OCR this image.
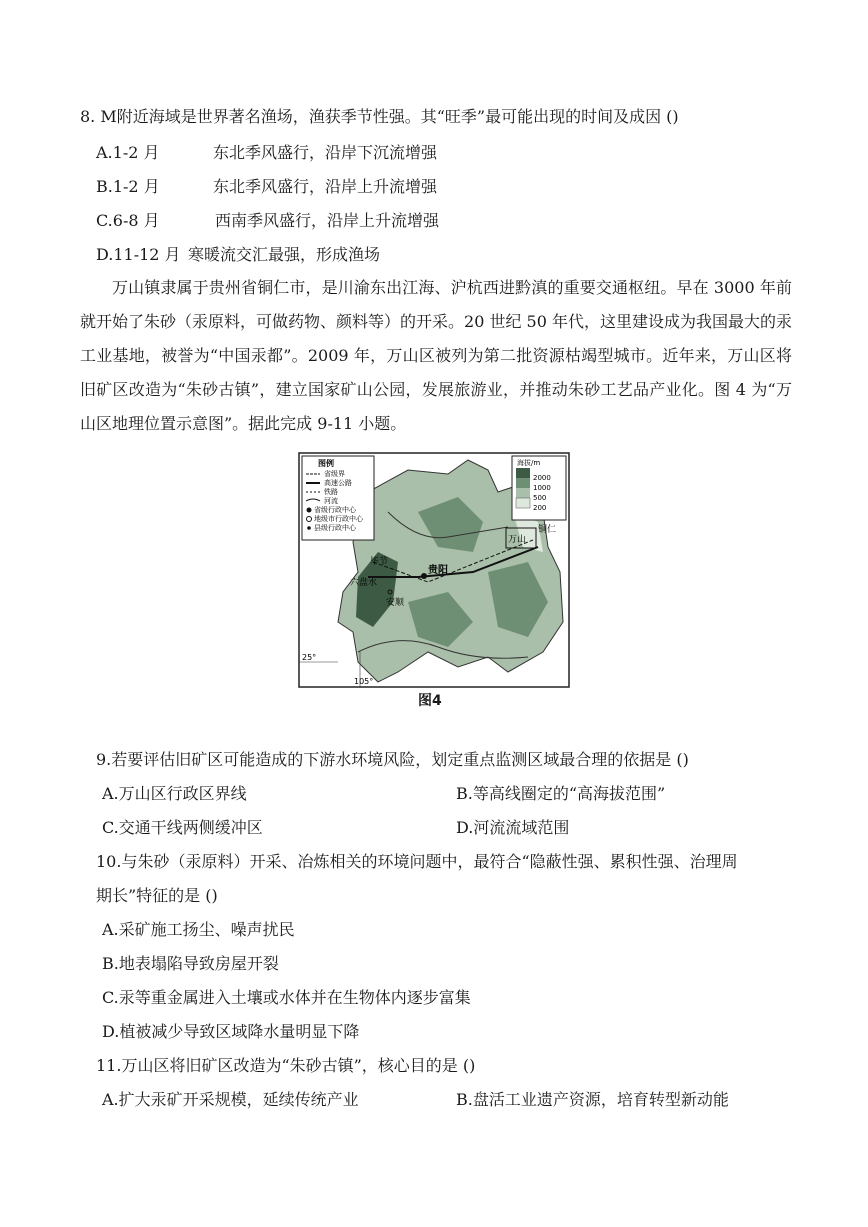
8. M附近海域是世界著名渔场，渔获季节性强。其“旺季”最可能出现的时间及成因 ()
A.1-2 月	东北季风盛行，沿岸下沉流增强
B.1-2 月	东北季风盛行，沿岸上升流增强
C.6-8 月	西南季风盛行，沿岸上升流增强
D.11-12 月 寒暖流交汇最强，形成渔场
万山镇隶属于贵州省铜仁市，是川渝东出江海、沪杭西进黔滇的重要交通枢纽。早在 3000 年前就开始了朱砂（汞原料，可做药物、颜料等）的开采。20 世纪 50 年代，这里建设成为我国最大的汞工业基地，被誉为“中国汞都”。2009 年，万山区被列为第二批资源枯竭型城市。近年来，万山区将旧矿区改造为“朱砂古镇”，建立国家矿山公园，发展旅游业，并推动朱砂工艺品产业化。图 4 为“万山区地理位置示意图”。据此完成 9-11 小题。
图例
省级界
高速公路
铁路
河流
省级行政中心
地级市行政中心
县级行政中心
海拔/m
2000
1000
500
200
贵阳
安顺
六盘水
毕节
万山
铜仁
25°
105°
图4
9.若要评估旧矿区可能造成的下游水环境风险，划定重点监测区域最合理的依据是 ()
A.万山区行政区界线	B.等高线圈定的“高海拔范围”
C.交通干线两侧缓冲区	D.河流流域范围
10.与朱砂（汞原料）开采、冶炼相关的环境问题中，最符合“隐蔽性强、累积性强、治理周
期长”特征的是 ()
A.采矿施工扬尘、噪声扰民
B.地表塌陷导致房屋开裂
C.汞等重金属进入土壤或水体并在生物体内逐步富集
D.植被减少导致区域降水量明显下降
11.万山区将旧矿区改造为“朱砂古镇”，核心目的是 ()
A.扩大汞矿开采规模，延续传统产业	B.盘活工业遗产资源，培育转型新动能
